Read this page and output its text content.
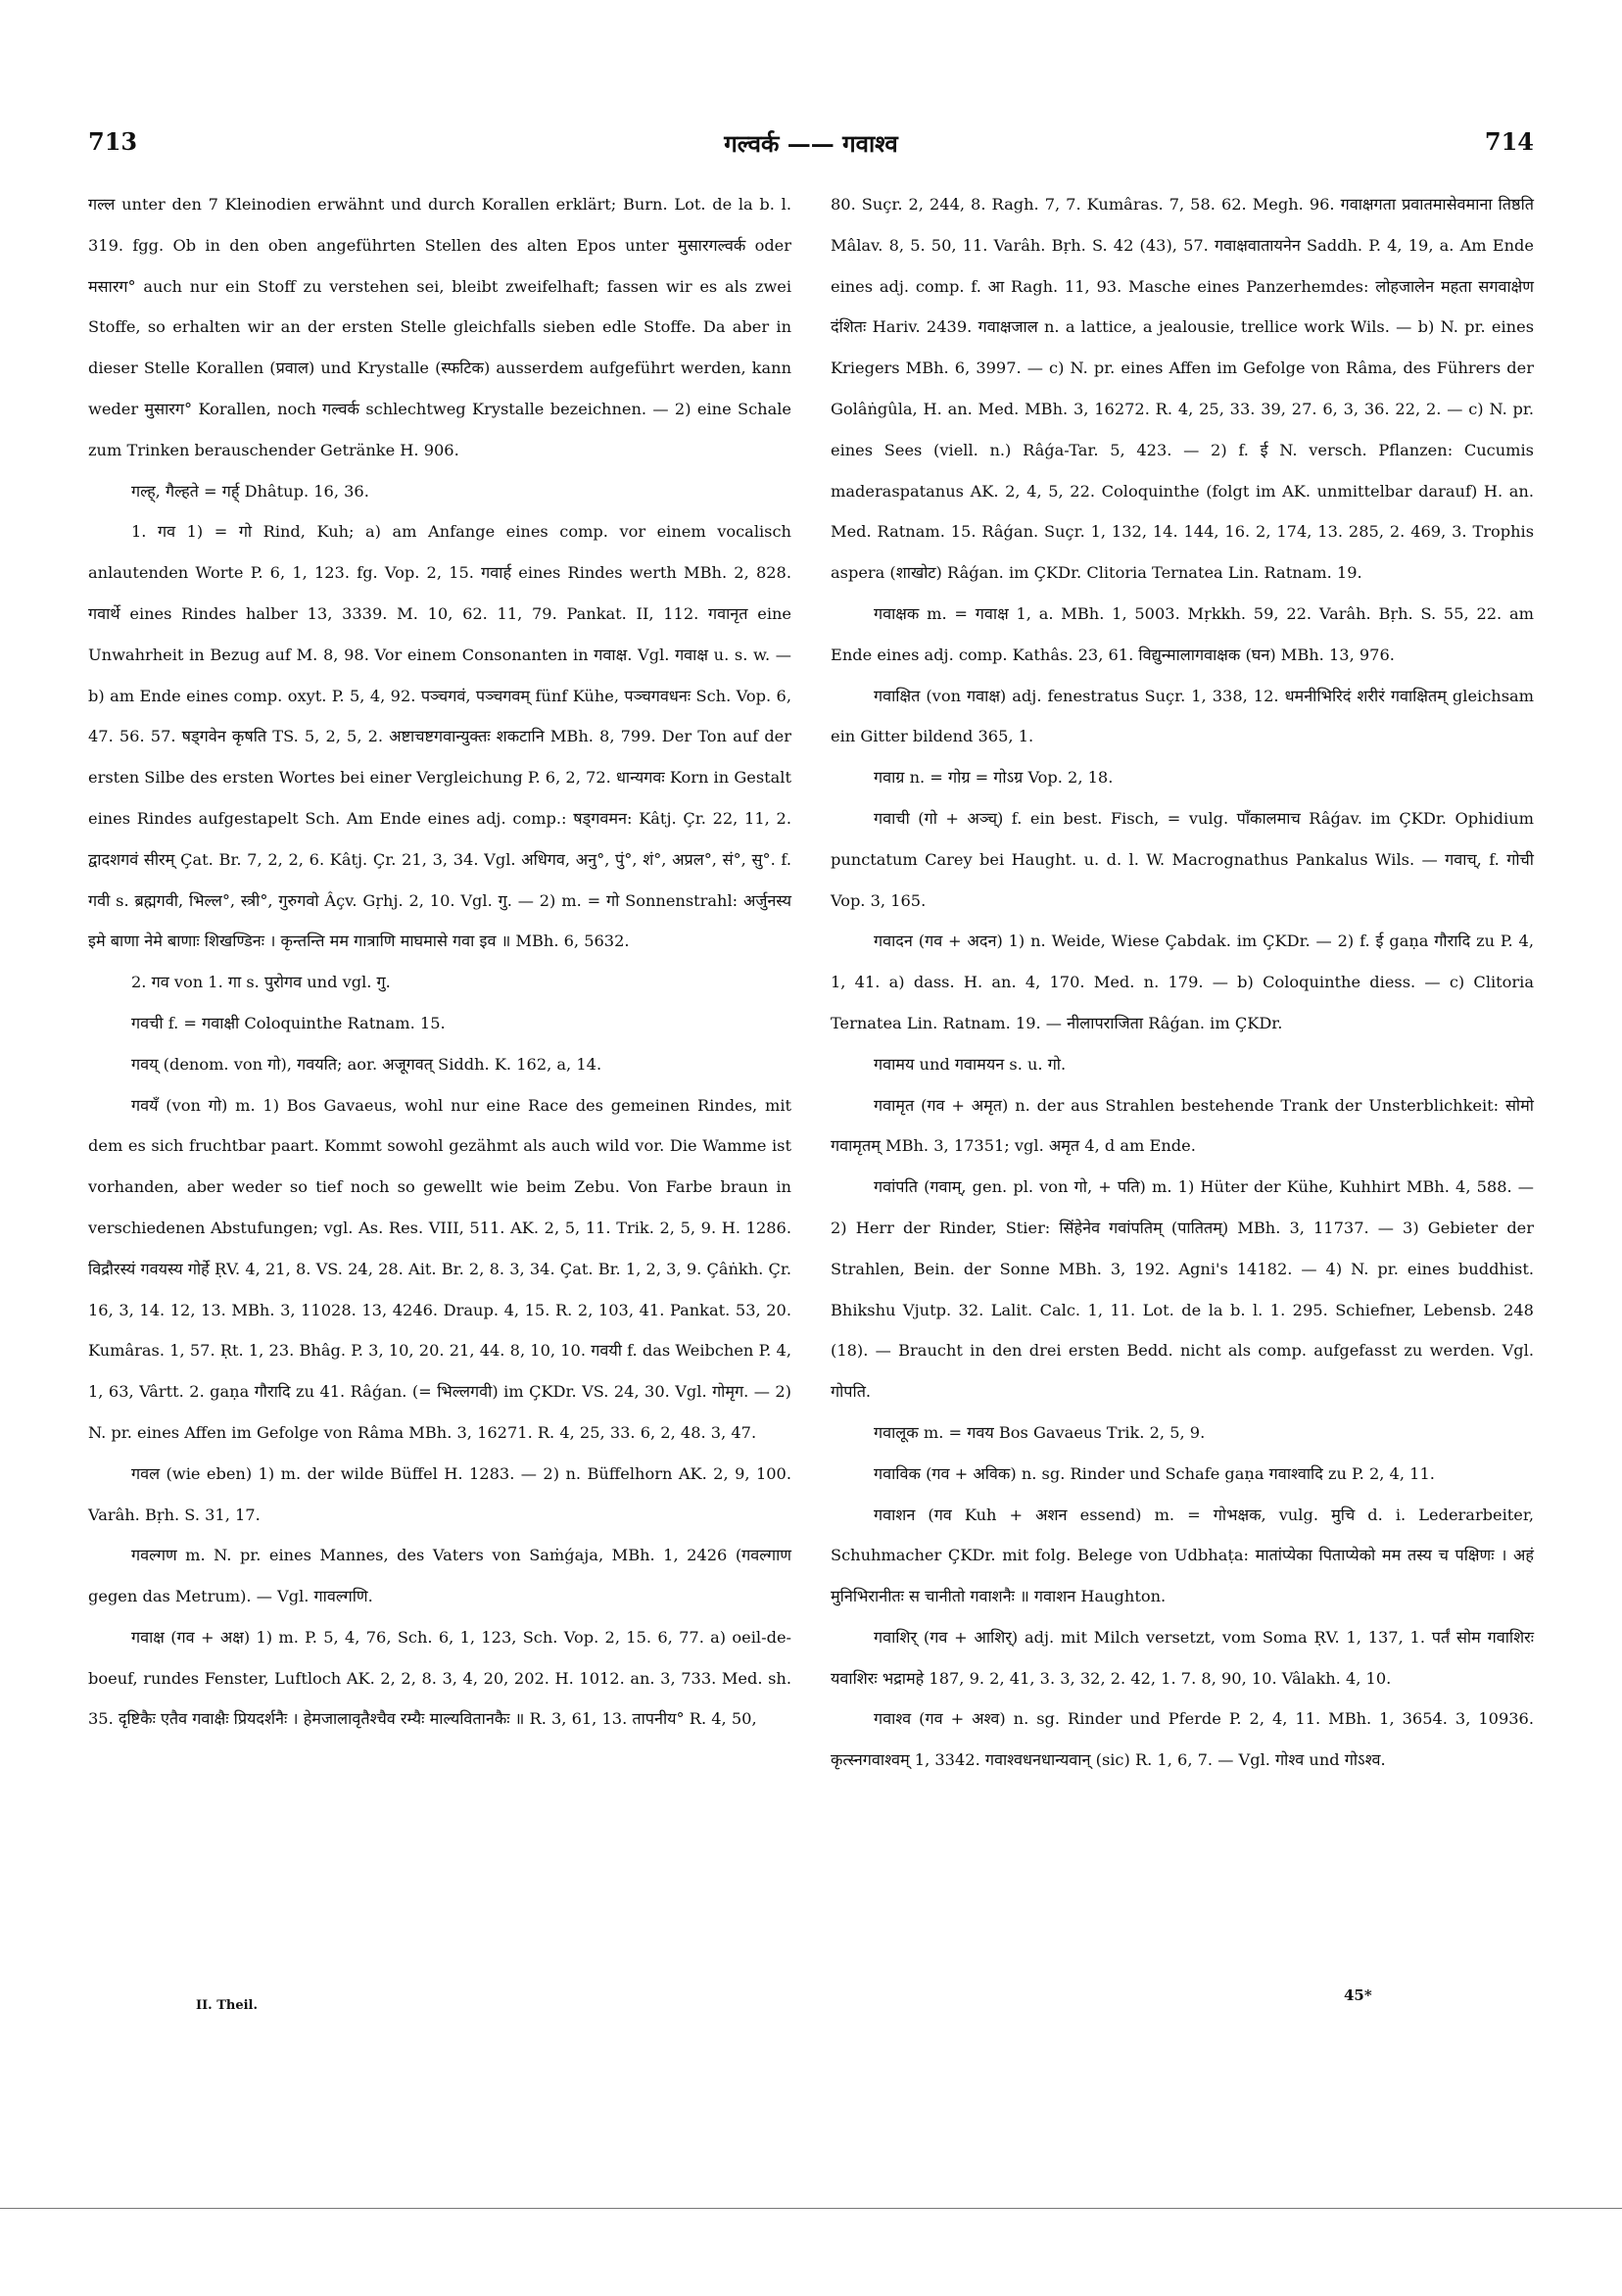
713	गल्वर्क —— गवाश्व	714

गल्ल unter den 7 Kleinodien erwähnt und durch Korallen erklärt; Burn. Lot. de la b. l. 319. fgg. Ob in den oben angeführten Stellen des alten Epos unter मुसारगल्वर्क oder मसारग° auch nur ein Stoff zu verstehen sei, bleibt zweifelhaft; fassen wir es als zwei Stoffe, so erhalten wir an der ersten Stelle gleichfalls sieben edle Stoffe. Da aber in dieser Stelle Korallen (प्रवाल) und Krystalle (स्फटिक) ausserdem aufgeführt werden, kann weder मुसारग° Korallen, noch गल्वर्क schlechtweg Krystalle bezeichnen. — 2) eine Schale zum Trinken berauschender Getränke H. 906.

गल्ह्, गैल्हते = गर्ह् Dhâtup. 16, 36.

1. गव 1) = गो Rind, Kuh; a) am Anfange eines comp. vor einem vocalisch anlautenden Worte P. 6, 1, 123. fg. Vop. 2, 15. गवार्ह eines Rindes werth MBh. 2, 828. गवार्थे eines Rindes halber 13, 3339. M. 10, 62. 11, 79. Pankat. II, 112. गवानृत eine Unwahrheit in Bezug auf M. 8, 98. Vor einem Consonanten in गवाक्ष. Vgl. गवाक्ष u. s. w. — b) am Ende eines comp. oxyt. P. 5, 4, 92. पञ्चगवं, पञ्चगवम् fünf Kühe, पञ्चगवधनः Sch. Vop. 6, 47. 56. 57. षड्गवेन कृषति TS. 5, 2, 5, 2. अष्टाचष्टगवान्युक्तः शकटानि MBh. 8, 799. Der Ton auf der ersten Silbe des ersten Wortes bei einer Vergleichung P. 6, 2, 72. धान्यगवः Korn in Gestalt eines Rindes aufgestapelt Sch. Am Ende eines adj. comp.: षड्गवमन: Kâtj. Çr. 22, 11, 2. द्वादशगवं सीरम् Çat. Br. 7, 2, 2, 6. Kâtj. Çr. 21, 3, 34. Vgl. अधिगव, अनु°, पुं°, शं°, अप्रल°, सं°, सु°. f. गवी s. ब्रह्मगवी, भिल्ल°, स्त्री°, गुरुगवो Âçv. Gṛhj. 2, 10. Vgl. गु. — 2) m. = गो Sonnenstrahl: अर्जुनस्य इमे बाणा नेमे बाणाः शिखण्डिनः । कृन्तन्ति मम गात्राणि माघमासे गवा इव ॥ MBh. 6, 5632.

2. गव von 1. गा s. पुरोगव und vgl. गु.

गवची f. = गवाक्षी Coloquinthe Ratnam. 15.

गवय् (denom. von गो), गवयति; aor. अजूगवत् Siddh. K. 162, a, 14.

गवयँ (von गो) m. 1) Bos Gavaeus, wohl nur eine Race des gemeinen Rindes, mit dem es sich fruchtbar paart. Kommt sowohl gezähmt als auch wild vor. Die Wamme ist vorhanden, aber weder so tief noch so gewellt wie beim Zebu. Von Farbe braun in verschiedenen Abstufungen; vgl. As. Res. VIII, 511. AK. 2, 5, 11. Trik. 2, 5, 9. H. 1286. विद्रौरस्यं गवयस्य गोर्हे ṚV. 4, 21, 8. VS. 24, 28. Ait. Br. 2, 8. 3, 34. Çat. Br. 1, 2, 3, 9. Çâṅkh. Çr. 16, 3, 14. 12, 13. MBh. 3, 11028. 13, 4246. Draup. 4, 15. R. 2, 103, 41. Pankat. 53, 20. Kumâras. 1, 57. Ṛt. 1, 23. Bhâg. P. 3, 10, 20. 21, 44. 8, 10, 10. गवयी f. das Weibchen P. 4, 1, 63, Vârtt. 2. gaṇa गौरादि zu 41. Râǵan. (= भिल्लगवी) im ÇKDr. VS. 24, 30. Vgl. गोमृग. — 2) N. pr. eines Affen im Gefolge von Râma MBh. 3, 16271. R. 4, 25, 33. 6, 2, 48. 3, 47.

गवल (wie eben) 1) m. der wilde Büffel H. 1283. — 2) n. Büffelhorn AK. 2, 9, 100. Varâh. Bṛh. S. 31, 17.

गवल्गण m. N. pr. eines Mannes, des Vaters von Saṁǵaja, MBh. 1, 2426 (गवल्गाण gegen das Metrum). — Vgl. गावल्गणि.

गवाक्ष (गव + अक्ष) 1) m. P. 5, 4, 76, Sch. 6, 1, 123, Sch. Vop. 2, 15. 6, 77. a) oeil-de-boeuf, rundes Fenster, Luftloch AK. 2, 2, 8. 3, 4, 20, 202. H. 1012. an. 3, 733. Med. sh. 35. दृष्टिकैः एतैव गवाक्षैः प्रियदर्शनैः । हेमजालावृतैश्चैव रम्यैः माल्यवितानकैः ॥ R. 3, 61, 13. तापनीय° R. 4, 50,

80. Suçr. 2, 244, 8. Ragh. 7, 7. Kumâras. 7, 58. 62. Megh. 96. गवाक्षगता प्रवातमासेवमाना तिष्ठति Mâlav. 8, 5. 50, 11. Varâh. Bṛh. S. 42 (43), 57. गवाक्षवातायनेन Saddh. P. 4, 19, a. Am Ende eines adj. comp. f. आ Ragh. 11, 93. Masche eines Panzerhemdes: लोहजालेन महता सगवाक्षेण दंशितः Hariv. 2439. गवाक्षजाल n. a lattice, a jealousie, trellice work Wils. — b) N. pr. eines Kriegers MBh. 6, 3997. — c) N. pr. eines Affen im Gefolge von Râma, des Führers der Golâṅgûla, H. an. Med. MBh. 3, 16272. R. 4, 25, 33. 39, 27. 6, 3, 36. 22, 2. — c) N. pr. eines Sees (viell. n.) Râǵa-Tar. 5, 423. — 2) f. ई N. versch. Pflanzen: Cucumis maderaspatanus AK. 2, 4, 5, 22. Coloquinthe (folgt im AK. unmittelbar darauf) H. an. Med. Ratnam. 15. Râǵan. Suçr. 1, 132, 14. 144, 16. 2, 174, 13. 285, 2. 469, 3. Trophis aspera (शाखोट) Râǵan. im ÇKDr. Clitoria Ternatea Lin. Ratnam. 19.

गवाक्षक m. = गवाक्ष 1, a. MBh. 1, 5003. Mṛkkh. 59, 22. Varâh. Bṛh. S. 55, 22. am Ende eines adj. comp. Kathâs. 23, 61. विद्युन्मालागवाक्षक (घन) MBh. 13, 976.

गवाक्षित (von गवाक्ष) adj. fenestratus Suçr. 1, 338, 12. धमनीभिरिदं शरीरं गवाक्षितम् gleichsam ein Gitter bildend 365, 1.

गवाग्र n. = गोग्र = गोऽग्र Vop. 2, 18.

गवाची (गो + अञ्च्) f. ein best. Fisch, = vulg. पाँकालमाच Râǵav. im ÇKDr. Ophidium punctatum Carey bei Haught. u. d. l. W. Macrognathus Pankalus Wils. — गवाच्, f. गोची Vop. 3, 165.

गवादन (गव + अदन) 1) n. Weide, Wiese Çabdak. im ÇKDr. — 2) f. ई gaṇa गौरादि zu P. 4, 1, 41. a) dass. H. an. 4, 170. Med. n. 179. — b) Coloquinthe diess. — c) Clitoria Ternatea Lin. Ratnam. 19. — नीलापराजिता Râǵan. im ÇKDr.

गवामय und गवामयन s. u. गो.

गवामृत (गव + अमृत) n. der aus Strahlen bestehende Trank der Unsterblichkeit: सोमो गवामृतम् MBh. 3, 17351; vgl. अमृत 4, d am Ende.

गवांपति (गवाम्, gen. pl. von गो, + पति) m. 1) Hüter der Kühe, Kuhhirt MBh. 4, 588. — 2) Herr der Rinder, Stier: सिंहेनेव गवांपतिम् (पातितम्) MBh. 3, 11737. — 3) Gebieter der Strahlen, Bein. der Sonne MBh. 3, 192. Agni's 14182. — 4) N. pr. eines buddhist. Bhikshu Vjutp. 32. Lalit. Calc. 1, 11. Lot. de la b. l. 1. 295. Schiefner, Lebensb. 248 (18). — Braucht in den drei ersten Bedd. nicht als comp. aufgefasst zu werden. Vgl. गोपति.

गवालूक m. = गवय Bos Gavaeus Trik. 2, 5, 9.

गवाविक (गव + अविक) n. sg. Rinder und Schafe gaṇa गवाश्वादि zu P. 2, 4, 11.

गवाशन (गव Kuh + अशन essend) m. = गोभक्षक, vulg. मुचि d. i. Lederarbeiter, Schuhmacher ÇKDr. mit folg. Belege von Udbhaṭa: मातांप्येका पिताप्येको मम तस्य च पक्षिणः । अहं मुनिभिरानीतः स चानीतो गवाशनैः ॥ गवाशन Haughton.

गवाशिर् (गव + आशिर्) adj. mit Milch versetzt, vom Soma ṚV. 1, 137, 1. पर्तं सोम गवाशिरः यवाशिरः भद्रामहे 187, 9. 2, 41, 3. 3, 32, 2. 42, 1. 7. 8, 90, 10. Vâlakh. 4, 10.

गवाश्व (गव + अश्व) n. sg. Rinder und Pferde P. 2, 4, 11. MBh. 1, 3654. 3, 10936. कृत्स्नगवाश्वम् 1, 3342. गवाश्वधनधान्यवान् (sic) R. 1, 6, 7. — Vgl. गोश्व und गोऽश्व.

II. Theil.
45*
